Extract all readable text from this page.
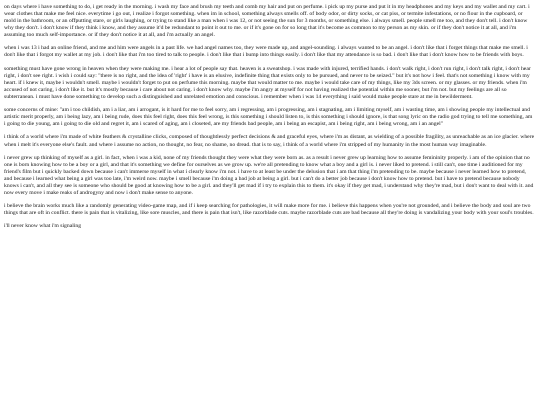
on days where i have something to do, i get ready in the morning. i wash my face and brush my teeth and comb my hair and put on perfume. i pick up my purse and put it in my headphones and my keys and my wallet and my cart. i wear clothes that make me feel nice. everytime i go out, i realize i forgot something. when im in school, something always smells off. of body odor, or dirty socks, or cat piss, or termite infestations, or no flour in the cupboard, or mold in the bathroom, or an offputting stare, or girls laughing, or trying to stand like a man when i was 12, or not seeing the sun for 3 months, or something else. i always smell. people smell me too, and they don't tell. i don't know why they don't. i don't know if they think i know, and they assume it'd be redundant to point it out to me. or if it's gone on for so long that it's become as common to my person as my skin. or if they don't notice it at all, and i'm assuming too much self-importance. or if they don't notice it at all, and i'm actually an angel.

when i was 13 i had an online friend, and me and him were angels in a past life. we had angel names too, they were made up, and angel-sounding. i always wanted to be an angel. i don't like that i forget things that make me smell. i don't like that i forgot my wallet at my job. i don't like that i'm too tired to talk to people. i don't like that i bump into things easily. i don't like that my attendance is so bad. i don't like that i don't know how to be friends with boys.

something must have gone wrong in heaven when they were making me. i hear a lot of people say that. heaven is a sweatshop. i was made with injured, terrified hands. i don't walk right, i don't run right, i don't talk right, i don't hear right, i don't see right. i wish i could say: "there is no right, and the idea of 'right' i have is an elusive, indefinite thing that exists only to be pursued, and never to be seized." but it's not how i feel. that's not something i know with my heart. if i knew it, maybe i wouldn't smell. maybe i wouldn't forget to put on perfume this morning. maybe that would matter to me. maybe i would take care of my things, like my 3ds screen. or my glasses. or my friends. when i'm accused of not caring, i don't like it. but it's mostly because i care about not caring. i don't know why. maybe i'm angry at myself for not having realized the potential within me sooner, but i'm not. but my feelings are all so subterranean. i must have done something to develop such a distinguished and unrelated emotion and conscious. i remember when i was 14 everything i said would make people stare at me in bewilderment.

some concerns of mine: "am i too childish, am i a liar, am i arrogant, is it hard for me to feel sorry, am i regressing, am i progressing, am i stagnating, am i limiting myself, am i wasting time, am i showing people my intellectual and artistic merit properly, am i being lazy, am i being rude, does this feel right, does this feel wrong, is this something i should listen to, is this something i should ignore, is that song lyric on the radio god trying to tell me something, am i going to die young, am i going to die old and regret it, am i scared of aging, am i closeted, are my friends bad people, am i being an escapist, am i being right, am i being wrong, am i an angel"

i think of a world where i'm made of white feathers & crystalline clicks, composed of thoughtlessly perfect decisions & and graceful eyes, where i'm as distant, as wielding of a possible fragility, as unreachable as an ice glacier. where when i melt it's everyone else's fault. and where i assume no action, no thought, no fear, no shame, no dread. that is to say, i think of a world where i'm stripped of my humanity in the most human way imaginable.

i never grew up thinking of myself as a girl. in fact, when i was a kid, none of my friends thought they were what they were born as. as a result i never grew up learning how to assume femininity properly. i am of the opinion that no one is born knowing how to be a boy or a girl, and that it's something we define for ourselves as we grow up. we're all pretending to know what a boy and a girl is. i never liked to pretend. i still can't, one time i auditioned for my friend's film but i quickly backed down because i can't immerse myself in what i clearly know i'm not. i have to at least be under the delusion that i am that thing i'm pretending to be. maybe because i never learned how to pretend, and because i learned what being a girl was too late, i'm weird now. maybe i smell because i'm doing a bad job at being a girl. but i can't do a better job because i don't know how to pretend. but i have to pretend because nobody knows i can't, and all they see is someone who should be good at knowing how to be a girl. and they'll get mad if i try to explain this to them. it's okay if they get mad, i understand why they're mad, but i don't want to deal with it. and now every move i make reaks of androgyny and now i don't make sense to anyone.

i believe the brain works much like a randomly generating video-game map, and if i keep searching for pathologies, it will make more for me. i believe this happens when you're not grounded, and i believe the body and soul are two things that are oft in conflict. there is pain that is vitalizing, like sore muscles, and there is pain that isn't, like razorblade cuts. maybe razorblade cuts are bad because all they're doing is vandalizing your body with your soul's troubles.

i'll never know what i'm signaling
